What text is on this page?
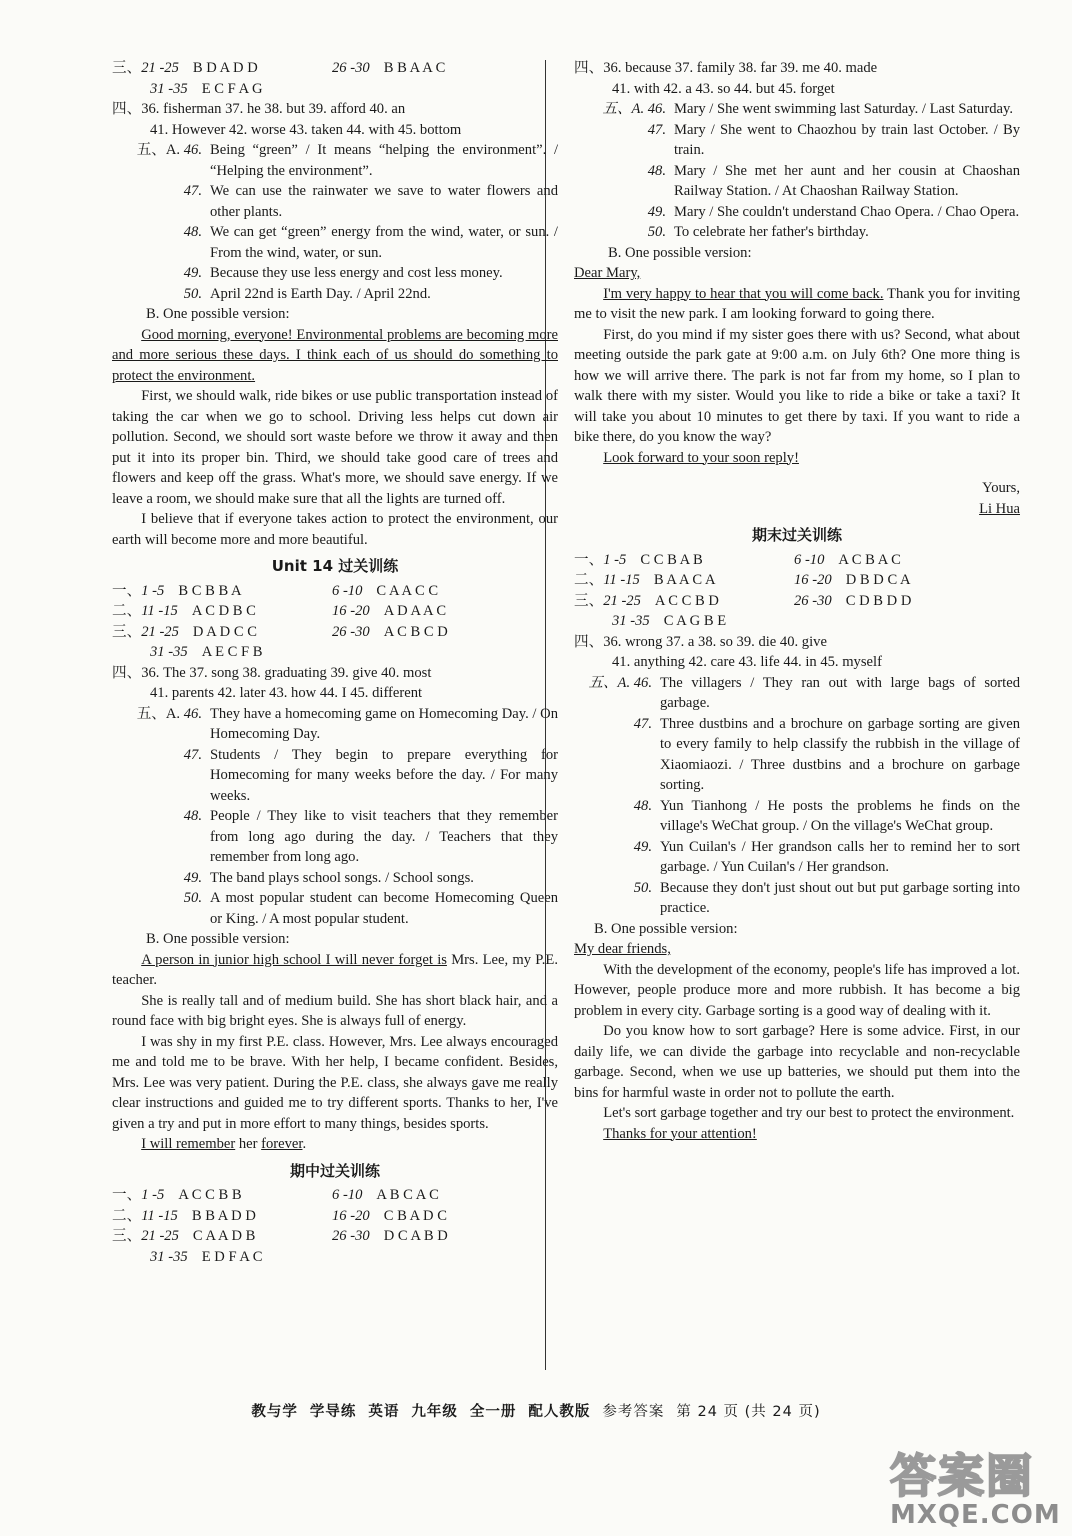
三、21 -25 B D A D D	26 -30 B B A A C
31 -35 E C F A G
四、36. fisherman 37. he 38. but 39. afford 40. an
41. However 42. worse 43. taken 44. with 45. bottom
五、A. 46. Being “green” / It means “helping the environment”. / “Helping the environment”.
47. We can use the rainwater we save to water flowers and other plants.
48. We can get “green” energy from the wind, water, or sun. / From the wind, water, or sun.
49. Because they use less energy and cost less money.
50. April 22nd is Earth Day. / April 22nd.
B. One possible version:

Good morning, everyone! Environmental problems are becoming more and more serious these days. I think each of us should do something to protect the environment.

First, we should walk, ride bikes or use public transportation instead of taking the car when we go to school. Driving less helps cut down air pollution. Second, we should sort waste before we throw it away and then put it into its proper bin. Third, we should take good care of trees and flowers and keep off the grass. What's more, we should save energy. If we leave a room, we should make sure that all the lights are turned off.

I believe that if everyone takes action to protect the environment, our earth will become more and more beautiful.

Unit 14 过关训练
一、1 -5 B C B B A	6 -10 C A A C C
二、11 -15 A C D B C	16 -20 A D A A C
三、21 -25 D A D C C	26 -30 A C B C D
31 -35 A E C F B
四、36. The 37. song 38. graduating 39. give 40. most
41. parents 42. later 43. how 44. I 45. different
五、A. 46. They have a homecoming game on Homecoming Day. / On Homecoming Day.
47. Students / They begin to prepare everything for Homecoming for many weeks before the day. / For many weeks.
48. People / They like to visit teachers that they remember from long ago during the day. / Teachers that they remember from long ago.
49. The band plays school songs. / School songs.
50. A most popular student can become Homecoming Queen or King. / A most popular student.
B. One possible version:

A person in junior high school I will never forget is Mrs. Lee, my P.E. teacher.

She is really tall and of medium build. She has short black hair, and a round face with big bright eyes. She is always full of energy.

I was shy in my first P.E. class. However, Mrs. Lee always encouraged me and told me to be brave. With her help, I became confident. Besides, Mrs. Lee was very patient. During the P.E. class, she always gave me really clear instructions and guided me to try different sports. Thanks to her, I've given a try and put in more effort to many things, besides sports.

I will remember her forever.

期中过关训练
一、1 -5 A C C B B	6 -10 A B C A C
二、11 -15 B B A D D	16 -20 C B A D C
三、21 -25 C A A D B	26 -30 D C A B D
31 -35 E D F A C
四、36. because 37. family 38. far 39. me 40. made
41. with 42. a 43. so 44. but 45. forget
五、A. 46. Mary / She went swimming last Saturday. / Last Saturday.
47. Mary / She went to Chaozhou by train last October. / By train.
48. Mary / She met her aunt and her cousin at Chaoshan Railway Station. / At Chaoshan Railway Station.
49. Mary / She couldn't understand Chao Opera. / Chao Opera.
50. To celebrate her father's birthday.
B. One possible version:

Dear Mary,

I'm very happy to hear that you will come back. Thank you for inviting me to visit the new park. I am looking forward to going there.

First, do you mind if my sister goes there with us? Second, what about meeting outside the park gate at 9:00 a.m. on July 6th? One more thing is how we will arrive there. The park is not far from my home, so I plan to walk there with my sister. Would you like to ride a bike or take a taxi? It will take you about 10 minutes to get there by taxi. If you want to ride a bike there, do you know the way?

Look forward to your soon reply!

Yours,
Li Hua
期末过关训练
一、1 -5 C C B A B	6 -10 A C B A C
二、11 -15 B A A C A	16 -20 D B D C A
三、21 -25 A C C B D	26 -30 C D B D D
31 -35 C A G B E
四、36. wrong 37. a 38. so 39. die 40. give
41. anything 42. care 43. life 44. in 45. myself
五、A. 46. The villagers / They ran out with large bags of sorted garbage.
47. Three dustbins and a brochure on garbage sorting are given to every family to help classify the rubbish in the village of Xiaomiaozi. / Three dustbins and a brochure on garbage sorting.
48. Yun Tianhong / He posts the problems he finds on the village's WeChat group. / On the village's WeChat group.
49. Yun Cuilan's / Her grandson calls her to remind her to sort garbage. / Yun Cuilan's / Her grandson.
50. Because they don't just shout out but put garbage sorting into practice.
B. One possible version:

My dear friends,

With the development of the economy, people's life has improved a lot. However, people produce more and more rubbish. It has become a big problem in every city. Garbage sorting is a good way of dealing with it.

Do you know how to sort garbage? Here is some advice. First, in our daily life, we can divide the garbage into recyclable and non-recyclable garbage. Second, when we use up batteries, we should put them into the bins for harmful waste in order not to pollute the earth.

Let's sort garbage together and try our best to protect the environment.

Thanks for your attention!

教与学 学导练 英语 九年级 全一册 配人教版 参考答案 第 24 页 (共 24 页)
答案圈
MXQE.COM
